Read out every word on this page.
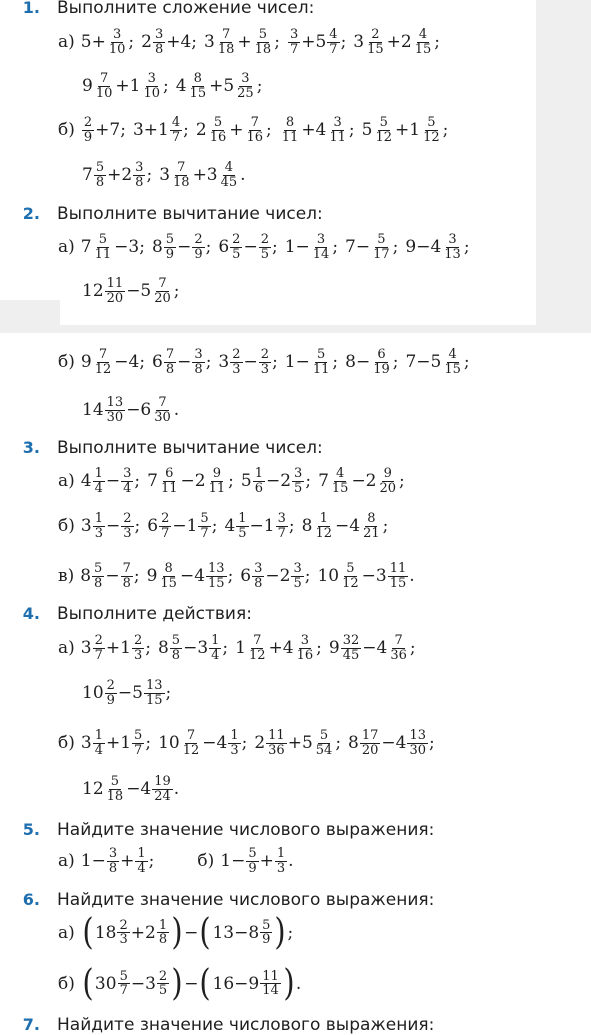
1. Выполните сложение чисел:
а) $5+ \frac{3}{10}$ ; $2 \frac{3}{8} +4$ ; $3 \frac{7}{18} + \frac{5}{18}$ ; $\frac{3}{7} +5 \frac{4}{7}$ ; $3 \frac{2}{15} +2 \frac{4}{15}$ ;
$9 \frac{7}{10} +1 \frac{3}{10}$ ; $4 \frac{8}{15} +5 \frac{3}{25}$ ;
$б) \frac{2}{9} +7$ ; $3+1 \frac{4}{7}$ ; $2 \frac{5}{16} + \frac{7}{16}$ ; $\frac{8}{11} +4 \frac{3}{11}$ ; $5 \frac{5}{12} +1 \frac{5}{12}$ ;
$7 \frac{5}{8} +2 \frac{3}{8}$ ; $3 \frac{7}{18} +3 \frac{4}{45}$ .
2. Выполните вычитание чисел:
а) $7 \frac{5}{11} -3$ ; $8 \frac{5}{9} - \frac{2}{9}$ ; $6 \frac{2}{5} - \frac{2}{5}$ ; $1- \frac{3}{14}$ ; $7- \frac{5}{17}$ ; $9-4 \frac{3}{13}$ ;
$12 \frac{11}{20} -5 \frac{7}{20}$ ;
б) $9 \frac{7}{12} -4$ ; $6 \frac{7}{8} - \frac{3}{8}$ ; $3 \frac{2}{3} - \frac{2}{3}$ ; $1- \frac{5}{11}$ ; $8- \frac{6}{19}$ ; $7-5 \frac{4}{15}$ ;
$14 \frac{13}{30} -6 \frac{7}{30}$ .
3. Выполните вычитание чисел:
а) $4 \frac{1}{4} - \frac{3}{4}$ ; $7 \frac{6}{11} -2 \frac{9}{11}$ ; $5 \frac{1}{6} -2 \frac{3}{5}$ ; $7 \frac{4}{15} -2 \frac{9}{20}$ ;
б) $3 \frac{1}{3} - \frac{2}{3}$ ; $6 \frac{2}{7} -1 \frac{5}{7}$ ; $4 \frac{1}{5} -1 \frac{3}{7}$ ; $8 \frac{1}{12} -4 \frac{8}{21}$ ;
в) $8 \frac{5}{8} - \frac{7}{8}$ ; $9 \frac{8}{15} -4 \frac{13}{15}$ ; $6 \frac{3}{8} -2 \frac{3}{5}$ ; $10 \frac{5}{12} -3 \frac{11}{15}$ .
4. Выполните действия:
а) $3 \frac{2}{7} +1 \frac{2}{3}$ ; $8 \frac{5}{8} -3 \frac{1}{4}$ ; $1 \frac{7}{12} +4 \frac{3}{16}$ ; $9 \frac{32}{45} -4 \frac{7}{36}$ ;
$10 \frac{2}{9} -5 \frac{13}{15}$ ;
б) $3 \frac{1}{4} +1 \frac{5}{7}$ ; $10 \frac{7}{12} -4 \frac{1}{3}$ ; $2 \frac{11}{36} +5 \frac{5}{54}$ ; $8 \frac{17}{20} -4 \frac{13}{30}$ ;
$12 \frac{5}{18} -4 \frac{19}{24}$ .
5. Найдите значение числового выражения:
а) $1- \frac{3}{8} + \frac{1}{4}$ ;	б) $1- \frac{5}{9} + \frac{1}{3}$ .
6. Найдите значение числового выражения:
а) ( $18 \frac{2}{3} +2 \frac{1}{8}$ ) − ( $13-8 \frac{5}{9}$ ) ;
б) ( $30 \frac{5}{7} -3 \frac{2}{5}$ ) − ( $16-9 \frac{11}{14}$ ) .
7. Найдите значение числового выражения:
